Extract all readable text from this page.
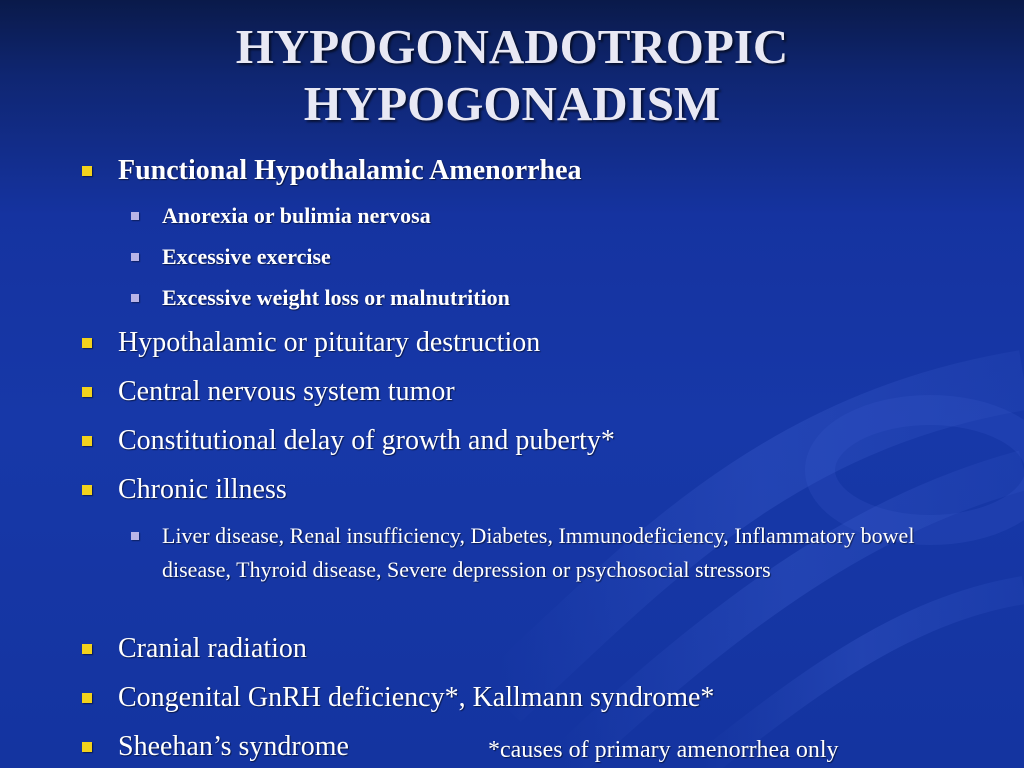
HYPOGONADOTROPIC
HYPOGONADISM
Functional Hypothalamic Amenorrhea
Anorexia or bulimia nervosa
Excessive exercise
Excessive weight loss or malnutrition
Hypothalamic or pituitary destruction
Central nervous system tumor
Constitutional delay of growth and puberty*
Chronic illness
Liver disease, Renal insufficiency, Diabetes, Immunodeficiency, Inflammatory bowel disease, Thyroid disease, Severe depression or psychosocial stressors
Cranial radiation
Congenital GnRH deficiency*, Kallmann syndrome*
Sheehan’s syndrome	*causes of primary amenorrhea only
